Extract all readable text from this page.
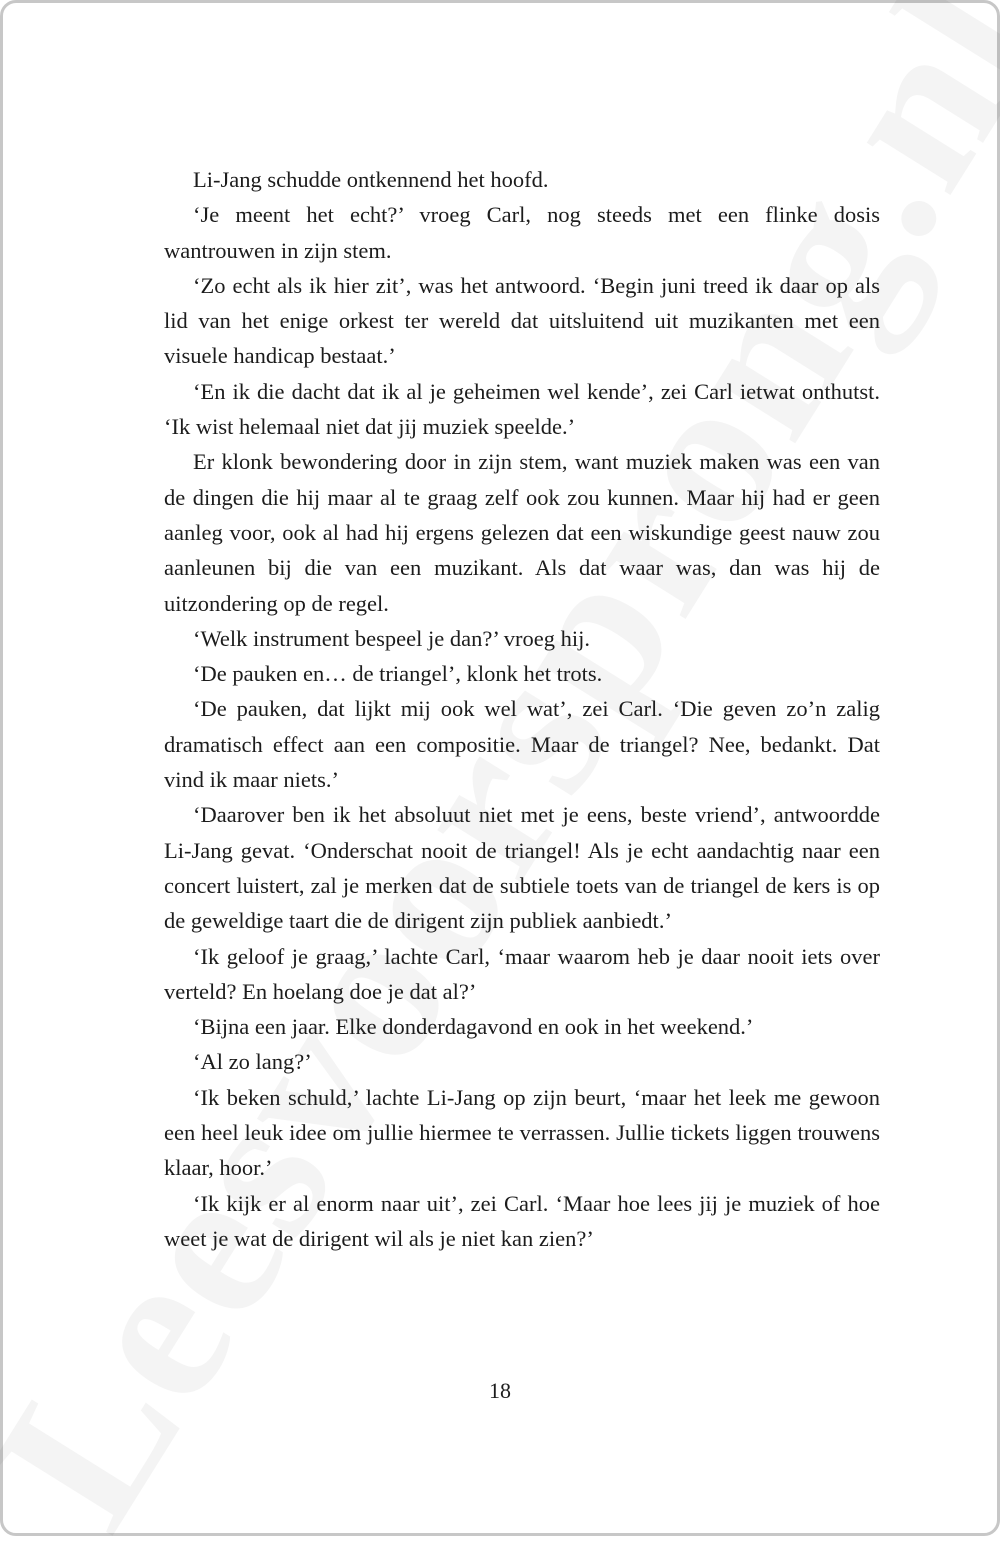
Li-Jang schudde ontkennend het hoofd.

‘Je meent het echt?’ vroeg Carl, nog steeds met een flinke dosis wantrouwen in zijn stem.

‘Zo echt als ik hier zit’, was het antwoord. ‘Begin juni treed ik daar op als lid van het enige orkest ter wereld dat uitsluitend uit muzikanten met een visuele handicap bestaat.’

‘En ik die dacht dat ik al je geheimen wel kende’, zei Carl ietwat onthutst. ‘Ik wist helemaal niet dat jij muziek speelde.’

Er klonk bewondering door in zijn stem, want muziek maken was een van de dingen die hij maar al te graag zelf ook zou kunnen. Maar hij had er geen aanleg voor, ook al had hij ergens gelezen dat een wiskundige geest nauw zou aanleunen bij die van een muzikant. Als dat waar was, dan was hij de uitzondering op de regel.

‘Welk instrument bespeel je dan?’ vroeg hij.

‘De pauken en… de triangel’, klonk het trots.

‘De pauken, dat lijkt mij ook wel wat’, zei Carl. ‘Die geven zo’n zalig dramatisch effect aan een compositie. Maar de triangel? Nee, bedankt. Dat vind ik maar niets.’

‘Daarover ben ik het absoluut niet met je eens, beste vriend’, antwoordde Li-Jang gevat. ‘Onderschat nooit de triangel! Als je echt aandachtig naar een concert luistert, zal je merken dat de subtiele toets van de triangel de kers is op de geweldige taart die de dirigent zijn publiek aanbiedt.’

‘Ik geloof je graag,’ lachte Carl, ‘maar waarom heb je daar nooit iets over verteld? En hoelang doe je dat al?’

‘Bijna een jaar. Elke donderdagavond en ook in het weekend.’

‘Al zo lang?’

‘Ik beken schuld,’ lachte Li-Jang op zijn beurt, ‘maar het leek me gewoon een heel leuk idee om jullie hiermee te verrassen. Jullie tickets liggen trouwens klaar, hoor.’

‘Ik kijk er al enorm naar uit’, zei Carl. ‘Maar hoe lees jij je muziek of hoe weet je wat de dirigent wil als je niet kan zien?’

18
